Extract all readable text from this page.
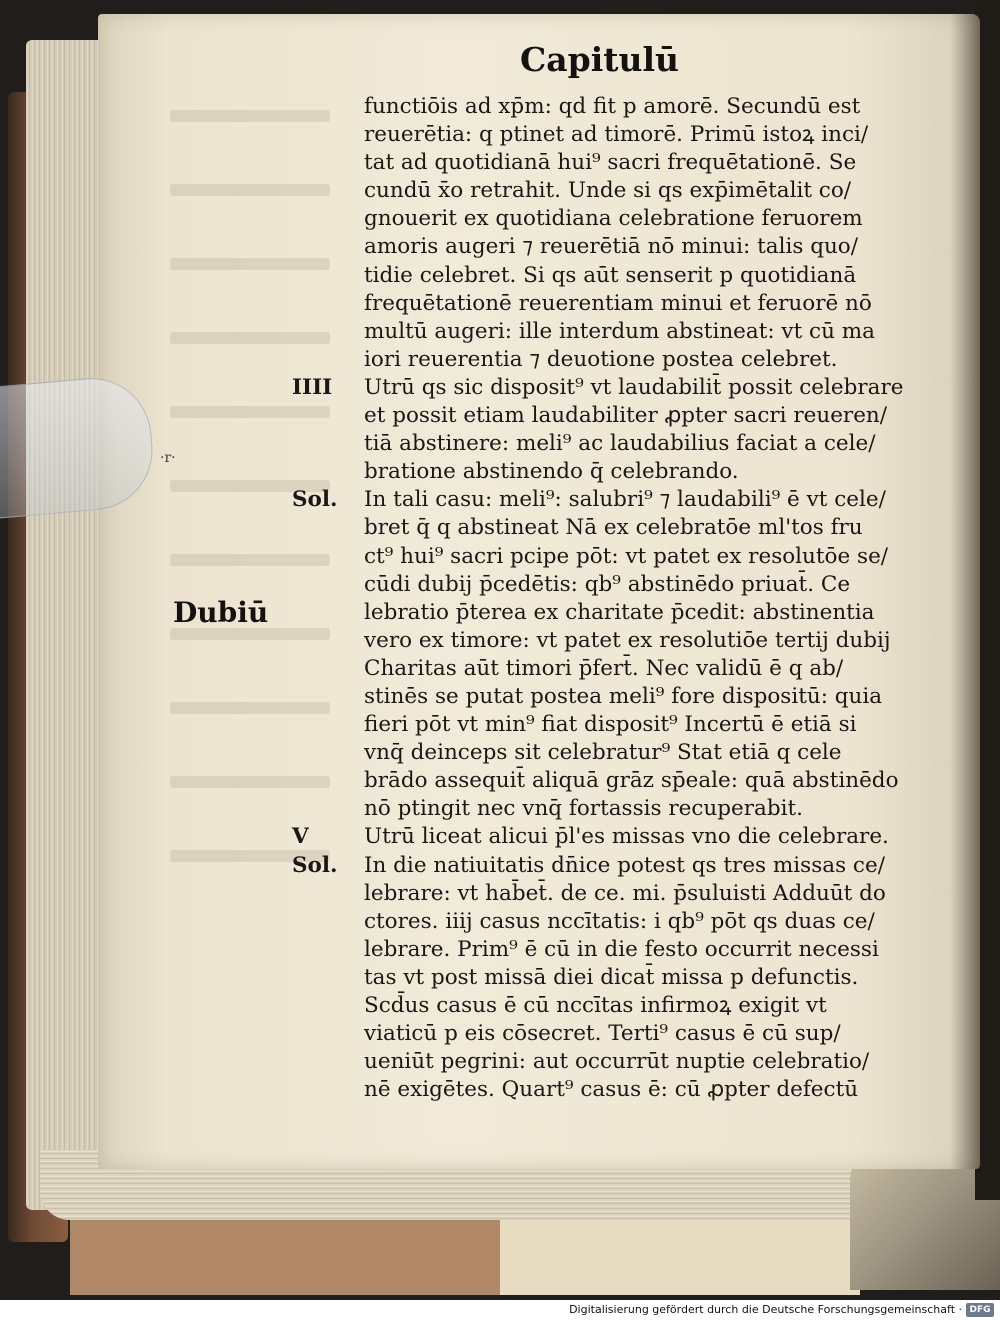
Capitulū
·r·
Dubiū
functiōis ad xp̄m: qd fit p amorē. Secundū est
reuerētia: q ptinet ad timorē. Primū istoꝝ inci/
tat ad quotidianā hui⁹ sacri frequētationē. Se
cundū x̄o retrahit. Unde si qs exp̄imētalit co/
gnouerit ex quotidiana celebratione feruorem
amoris augeri ⁊ reuerētiā nō minui: talis quo/
tidie celebret. Si qs aūt senserit p quotidianā
frequētationē reuerentiam minui et feruorē nō
multū augeri: ille interdum abstineat: vt cū ma
iori reuerentia ⁊ deuotione postea celebret.
IIII	Utrū qs sic disposit⁹ vt laudabilit̄ possit celebrare
et possit etiam laudabiliter ꝓpter sacri reueren/
tiā abstinere: meli⁹ ac laudabilius faciat a cele/
bratione abstinendo q̄ celebrando.
Sol.	In tali casu: meli⁹: salubri⁹ ⁊ laudabili⁹ ē vt cele/
bret q̄ q abstineat Nā ex celebratōe ml'tos fru
ct⁹ hui⁹ sacri pcipe pōt: vt patet ex resolutōe se/
cūdi dubij p̄cedētis: qb⁹ abstinēdo priuat̄. Ce
lebratio p̄terea ex charitate p̄cedit: abstinentia
vero ex timore: vt patet ex resolutiōe tertij dubij
Charitas aūt timori p̄fert̄. Nec validū ē q ab/
stinēs se putat postea meli⁹ fore dispositū: quia
fieri pōt vt min⁹ fiat disposit⁹ Incertū ē etiā si
vnq̄ deinceps sit celebratur⁹ Stat etiā q cele
brādo assequit̄ aliquā grāz sp̄eale: quā abstinēdo
nō ptingit nec vnq̄ fortassis recuperabit.
V	Utrū liceat alicui p̄l'es missas vno die celebrare.
Sol.	In die natiuitatis dn̄ice potest qs tres missas ce/
lebrare: vt hab̄et̄. de ce. mi. p̄suluisti Adduūt do
ctores. iiij casus nccītatis: i qb⁹ pōt qs duas ce/
lebrare. Prim⁹ ē cū in die festo occurrit necessi
tas vt post missā diei dicat̄ missa p defunctis.
Scd̄us casus ē cū nccītas infirmoꝝ exigit vt
viaticū p eis cōsecret. Terti⁹ casus ē cū sup/
ueniūt pegrini: aut occurrūt nuptie celebratio/
nē exigētes. Quart⁹ casus ē: cū ꝓpter defectū
Digitalisierung gefördert durch die Deutsche Forschungsgemeinschaft · DFG
